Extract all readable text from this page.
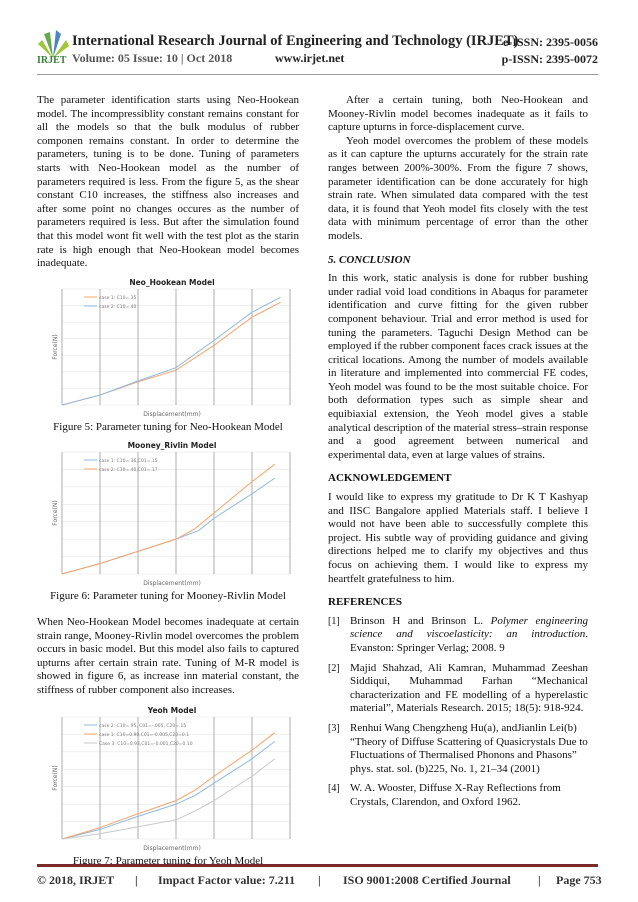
IRJET
International Research Journal of Engineering and Technology (IRJET)
Volume: 05 Issue: 10 | Oct 2018	www.irjet.net
e-ISSN: 2395-0056
p-ISSN: 2395-0072

The parameter identification starts using Neo-Hookean model. The incompressiblity constant remains constant for all the models so that the bulk modulus of rubber componen remains constant. In order to determine the parameters, tuning is to be done. Tuning of parameters starts with Neo-Hookean model as the number of parameters required is less. From the figure 5, as the shear constant C10 increases, the stiffness also increases and after some point no changes occures as the number of parameters required is less. But after the simulation found that this model wont fit well with the test plot as the starin rate is high enough that Neo-Hookean model becomes inadequate.

Neo_Hookean Model
Displacement(mm)
Force(N)
case 1: C10=.35
case 2: C10=.40
Figure 5: Parameter tuning for Neo-Hookean Model
Mooney_Rivlin Model
Displacement(mm)
Force(N)
case 1: C10=.36,C01=.15
case 2: C10=.40,C01=.17
Figure 6: Parameter tuning for Mooney-Rivlin Model

When Neo-Hookean Model becomes inadequate at certain strain range, Mooney-Rivlin model overcomes the problem occurs in basic model. But this model also fails to captured upturns after certain strain rate. Tuning of M-R model is showed in figure 6, as increase inn material constant, the stiffness of rubber component also increases.

Yeoh Model
Displacement(mm)
Force(N)
case 2: C10=.95, C01=-.005, C20=.15
case 1: C10=0.90,C01=-0.005,C20=0.1
Case 3: C10=0.93,C01=-0.001,C20=0.10
Figure 7: Parameter tuning for Yeoh Model

After a certain tuning, both Neo-Hookean and Mooney-Rivlin model becomes inadequate as it fails to capture upturns in force-displacement curve.

Yeoh model overcomes the problem of these models as it can capture the upturns accurately for the strain rate ranges between 200%-300%. From the figure 7 shows, parameter identification can be done accurately for high strain rate. When simulated data compared with the test data, it is found that Yeoh model fits closely with the test data with minimum percentage of error than the other models.

5. CONCLUSION

In this work, static analysis is done for rubber bushing under radial void load conditions in Abaqus for parameter identification and curve fitting for the given rubber component behaviour. Trial and error method is used for tuning the parameters. Taguchi Design Method can be employed if the rubber component faces crack issues at the critical locations. Among the number of models available in literature and implemented into commercial FE codes, Yeoh model was found to be the most suitable choice. For both deformation types such as simple shear and equibiaxial extension, the Yeoh model gives a stable analytical description of the material stress–strain response and a good agreement between numerical and experimental data, even at large values of strains.

ACKNOWLEDGEMENT

I would like to express my gratitude to Dr K T Kashyap and IISC Bangalore applied Materials staff. I believe I would not have been able to successfully complete this project. His subtle way of providing guidance and giving directions helped me to clarify my objectives and thus focus on achieving them. I would like to express my heartfelt gratefulness to him.

REFERENCES

[1] Brinson H and Brinson L. Polymer engineering science and viscoelasticity: an introduction. Evanston: Springer Verlag; 2008. 9
[2] Majid Shahzad, Ali Kamran, Muhammad Zeeshan Siddiqui, Muhammad Farhan “Mechanical characterization and FE modelling of a hyperelastic material”, Materials Research. 2015; 18(5): 918-924.
[3] Renhui Wang Chengzheng Hu(a), andJianlin Lei(b) “Theory of Diffuse Scattering of Quasicrystals Due to Fluctuations of Thermalised Phonons and Phasons” phys. stat. sol. (b)225, No. 1, 21–34 (2001)
[4] W. A. Wooster, Diffuse X-Ray Reflections from Crystals, Clarendon, and Oxford 1962.
© 2018, IRJET | Impact Factor value: 7.211 | ISO 9001:2008 Certified Journal | Page 753
